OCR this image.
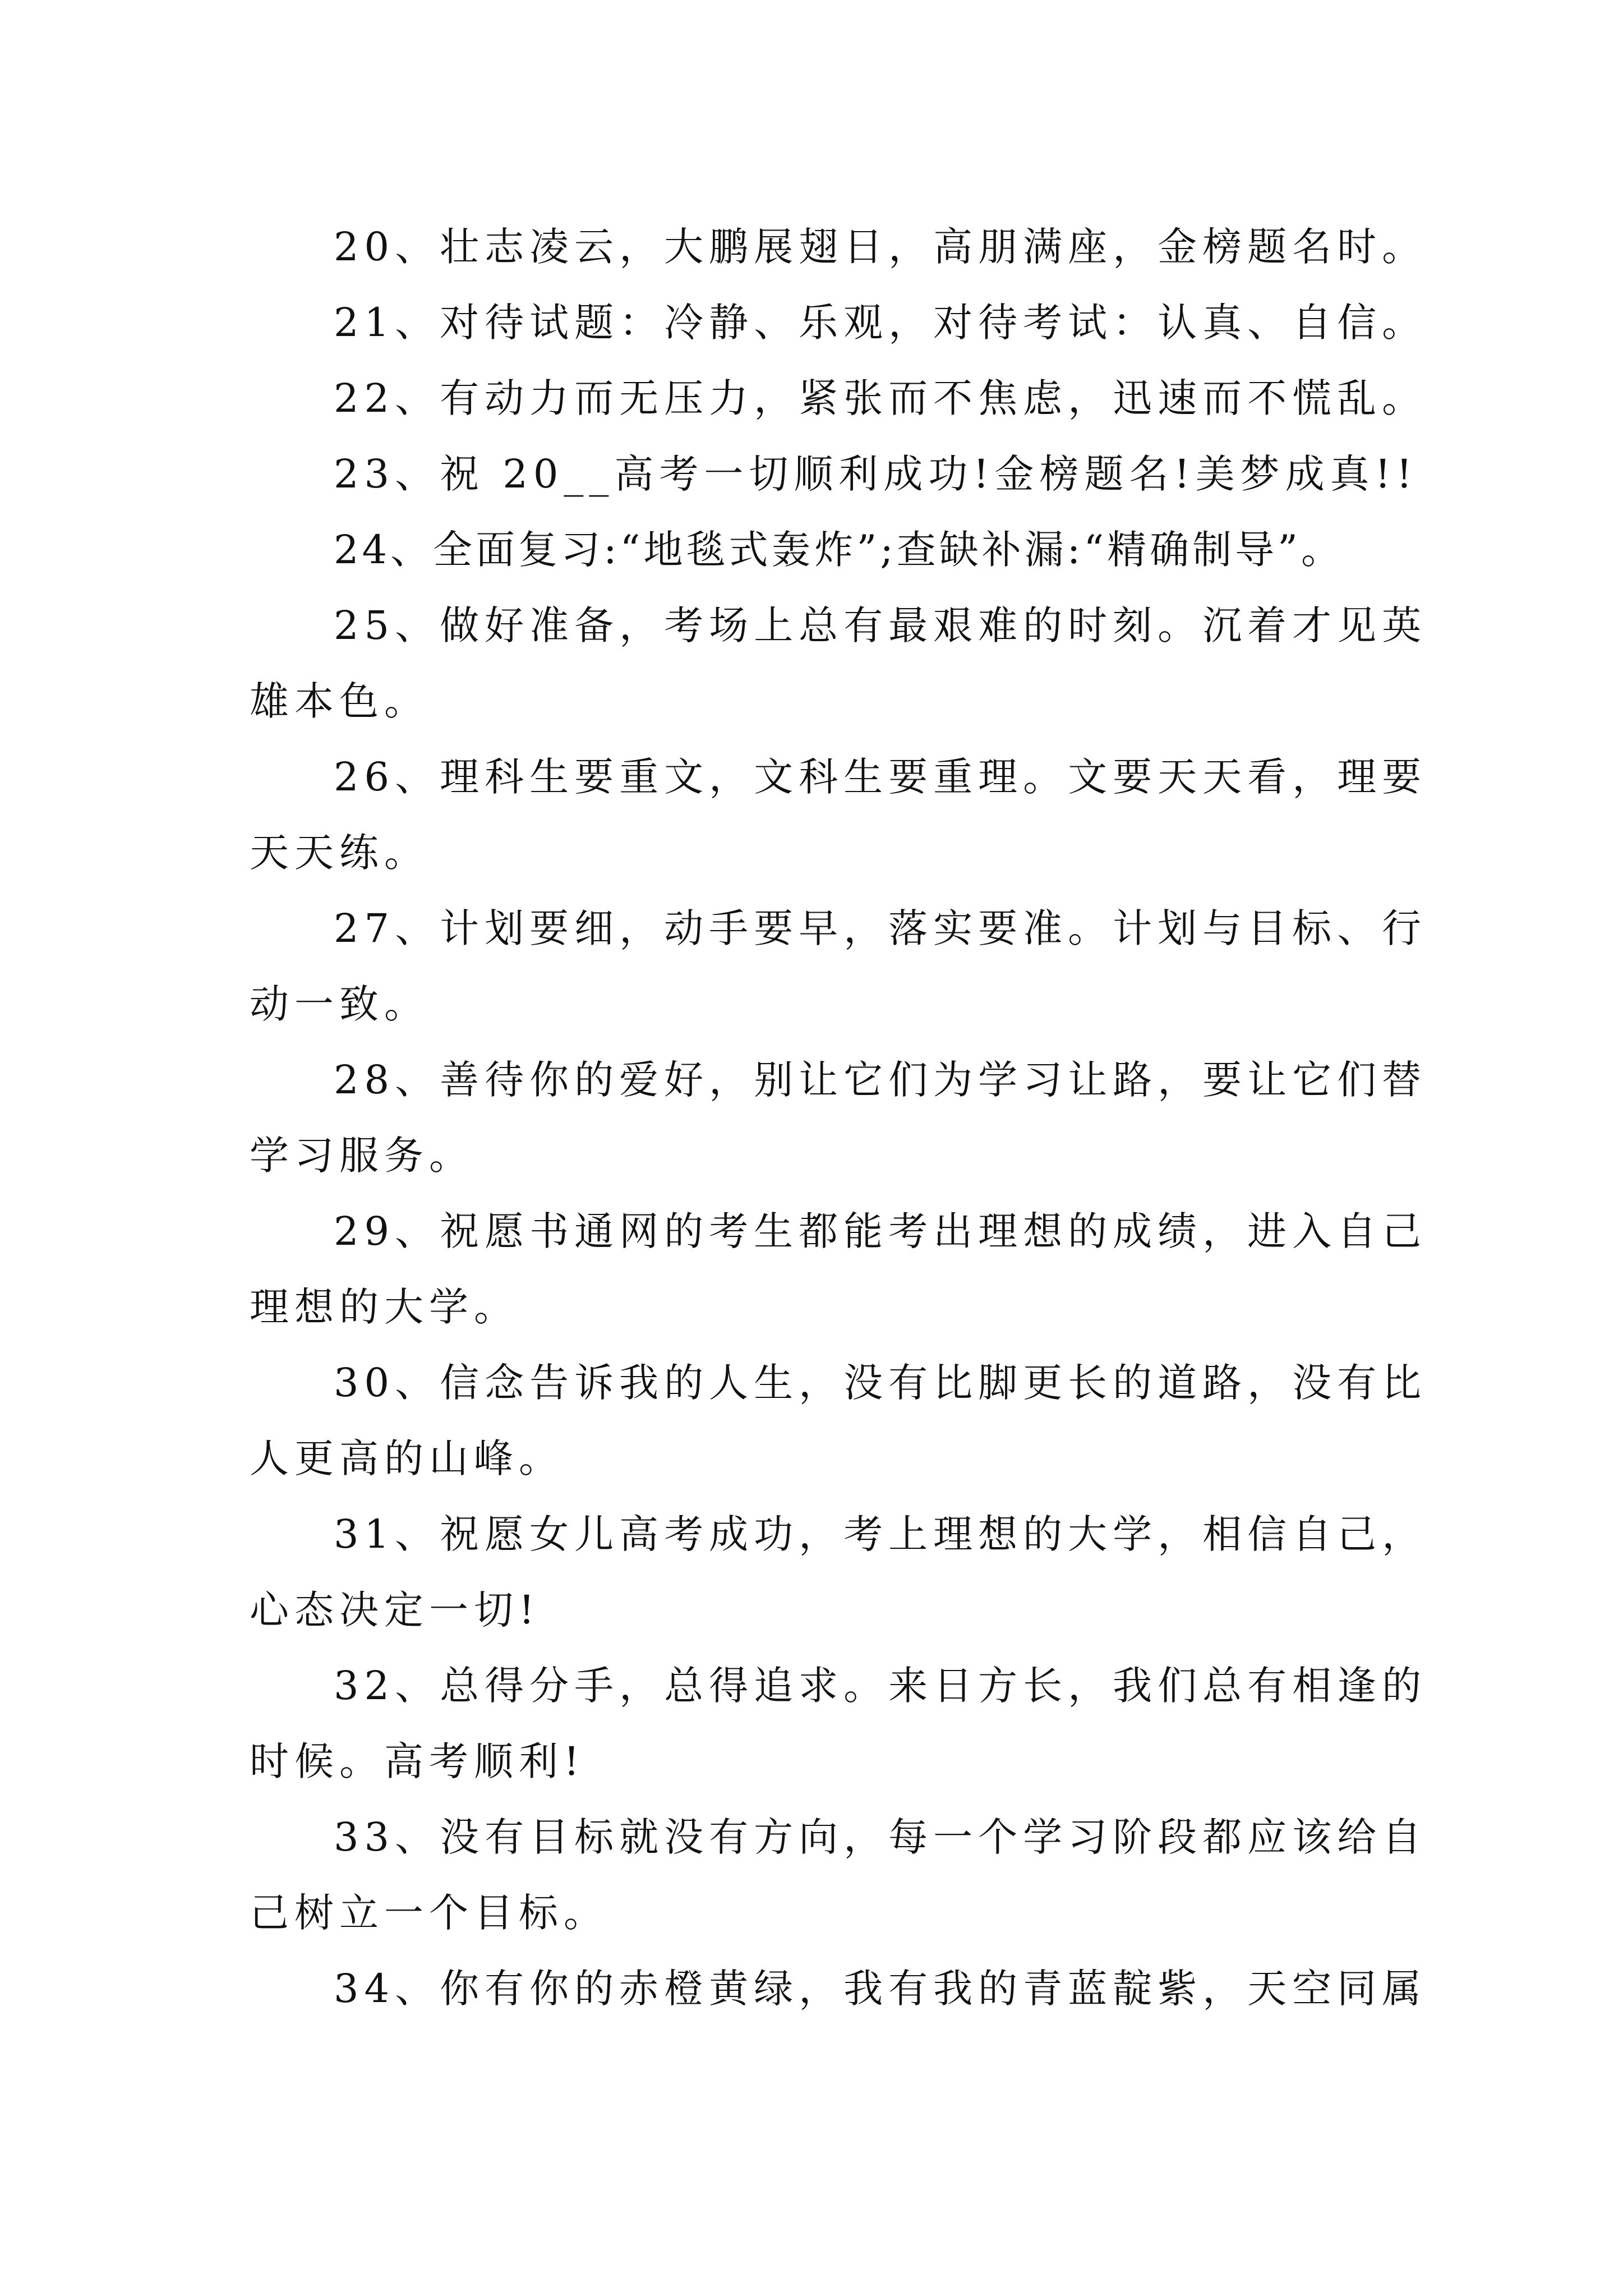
20、壮志凌云，大鹏展翅日，高朋满座，金榜题名时。
21、对待试题：冷静、乐观，对待考试：认真、自信。
22、有动力而无压力，紧张而不焦虑，迅速而不慌乱。
23、祝 20__高考一切顺利成功!金榜题名!美梦成真!!
24、全面复习:“地毯式轰炸”;查缺补漏:“精确制导”。
25、做好准备，考场上总有最艰难的时刻。沉着才见英
雄本色。
26、理科生要重文，文科生要重理。文要天天看，理要
天天练。
27、计划要细，动手要早，落实要准。计划与目标、行
动一致。
28、善待你的爱好，别让它们为学习让路，要让它们替
学习服务。
29、祝愿书通网的考生都能考出理想的成绩，进入自己
理想的大学。
30、信念告诉我的人生，没有比脚更长的道路，没有比
人更高的山峰。
31、祝愿女儿高考成功，考上理想的大学，相信自己，
心态决定一切!
32、总得分手，总得追求。来日方长，我们总有相逢的
时候。高考顺利!
33、没有目标就没有方向，每一个学习阶段都应该给自
己树立一个目标。
34、你有你的赤橙黄绿，我有我的青蓝靛紫，天空同属
